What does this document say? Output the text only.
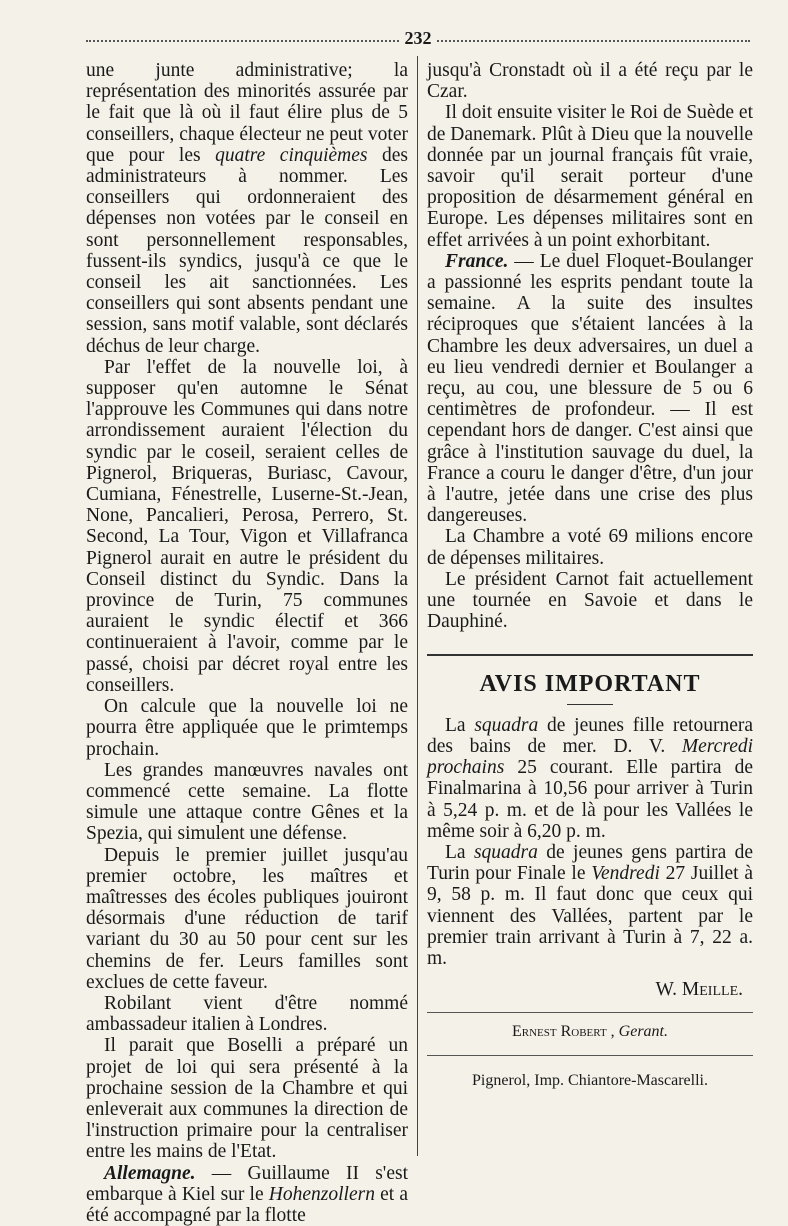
232

une junte administrative; la représentation des minorités assurée par le fait que là où il faut élire plus de 5 conseillers, chaque électeur ne peut voter que pour les quatre cinquièmes des administrateurs à nommer. Les conseillers qui ordonneraient des dépenses non votées par le conseil en sont personnellement responsables, fussent-ils syndics, jusqu'à ce que le conseil les ait sanctionnées. Les conseillers qui sont absents pendant une session, sans motif valable, sont déclarés déchus de leur charge.

Par l'effet de la nouvelle loi, à supposer qu'en automne le Sénat l'approuve les Communes qui dans notre arrondissement auraient l'élection du syndic par le coseil, seraient celles de Pignerol, Briqueras, Buriasc, Cavour, Cumiana, Fénestrelle, Luserne-St.-Jean, None, Pancalieri, Perosa, Perrero, St. Second, La Tour, Vigon et Villafranca Pignerol aurait en autre le président du Conseil distinct du Syndic. Dans la province de Turin, 75 communes auraient le syndic électif et 366 continueraient à l'avoir, comme par le passé, choisi par décret royal entre les conseillers.

On calcule que la nouvelle loi ne pourra être appliquée que le primtemps prochain.

Les grandes manœuvres navales ont commencé cette semaine. La flotte simule une attaque contre Gênes et la Spezia, qui simulent une défense.

Depuis le premier juillet jusqu'au premier octobre, les maîtres et maîtresses des écoles publiques jouiront désormais d'une réduction de tarif variant du 30 au 50 pour cent sur les chemins de fer. Leurs familles sont exclues de cette faveur.

Robilant vient d'être nommé ambassadeur italien à Londres.

Il parait que Boselli a préparé un projet de loi qui sera présenté à la prochaine session de la Chambre et qui enleverait aux communes la direction de l'instruction primaire pour la centraliser entre les mains de l'Etat.

Allemagne. — Guillaume II s'est embarque à Kiel sur le Hohenzollern et a été accompagné par la flotte

jusqu'à Cronstadt où il a été reçu par le Czar.

Il doit ensuite visiter le Roi de Suède et de Danemark. Plût à Dieu que la nouvelle donnée par un journal français fût vraie, savoir qu'il serait porteur d'une proposition de désarmement général en Europe. Les dépenses militaires sont en effet arrivées à un point exhorbitant.

France. — Le duel Floquet-Boulanger a passionné les esprits pendant toute la semaine. A la suite des insultes réciproques que s'étaient lancées à la Chambre les deux adversaires, un duel a eu lieu vendredi dernier et Boulanger a reçu, au cou, une blessure de 5 ou 6 centimètres de profondeur. — Il est cependant hors de danger. C'est ainsi que grâce à l'institution sauvage du duel, la France a couru le danger d'être, d'un jour à l'autre, jetée dans une crise des plus dangereuses.

La Chambre a voté 69 milions encore de dépenses militaires.

Le président Carnot fait actuellement une tournée en Savoie et dans le Dauphiné.

AVIS IMPORTANT

La squadra de jeunes fille retournera des bains de mer. D. V. Mercredi prochains 25 courant. Elle partira de Finalmarina à 10,56 pour arriver à Turin à 5,24 p. m. et de là pour les Vallées le même soir à 6,20 p. m.

La squadra de jeunes gens partira de Turin pour Finale le Vendredi 27 Juillet à 9, 58 p. m. Il faut donc que ceux qui viennent des Vallées, partent par le premier train arrivant à Turin à 7, 22 a. m.

W. Meille.
Ernest Robert , Gerant.
Pignerol, Imp. Chiantore-Mascarelli.
